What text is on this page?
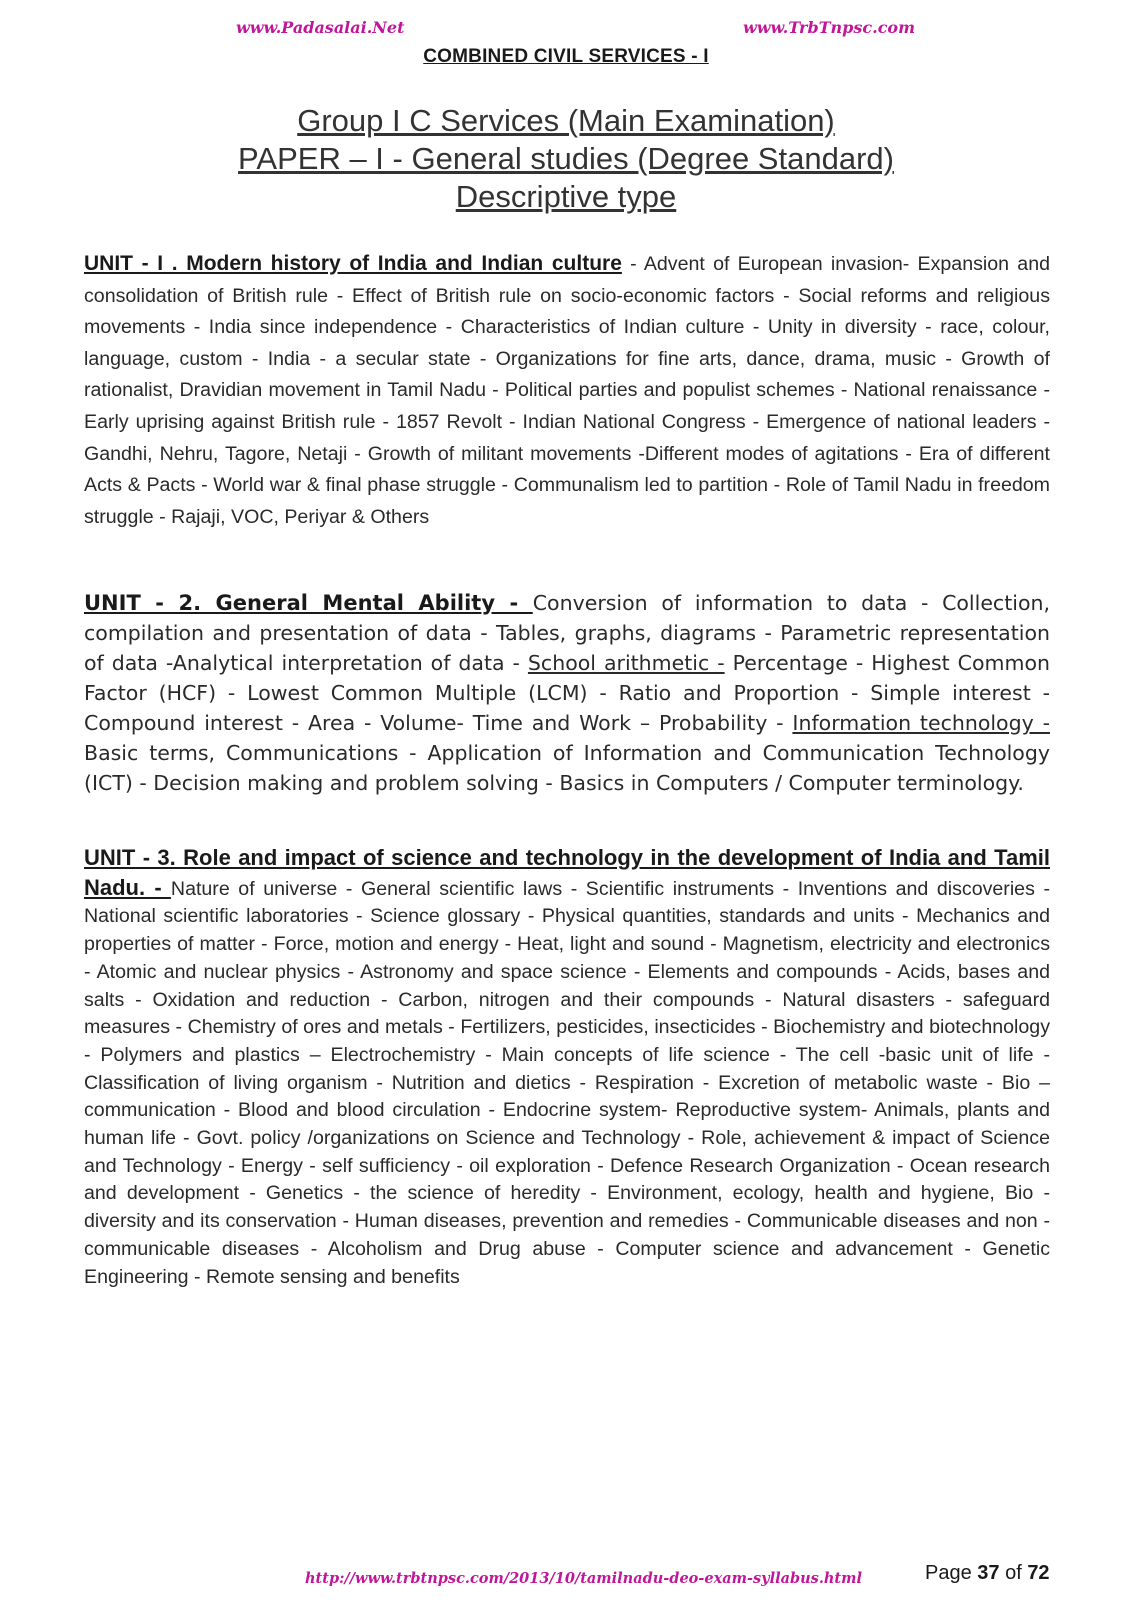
www.Padasalai.Net	www.TrbTnpsc.com
COMBINED CIVIL SERVICES - I
Group I C Services (Main Examination)
PAPER – I - General studies (Degree Standard)
Descriptive type
UNIT - I . Modern history of India and Indian culture - Advent of European invasion- Expansion and consolidation of British rule - Effect of British rule on socio-economic factors - Social reforms and religious movements - India since independence - Characteristics of Indian culture - Unity in diversity - race, colour, language, custom - India - a secular state - Organizations for fine arts, dance, drama, music - Growth of rationalist, Dravidian movement in Tamil Nadu - Political parties and populist schemes - National renaissance - Early uprising against British rule - 1857 Revolt - Indian National Congress - Emergence of national leaders - Gandhi, Nehru, Tagore, Netaji - Growth of militant movements -Different modes of agitations - Era of different Acts & Pacts - World war & final phase struggle - Communalism led to partition - Role of Tamil Nadu in freedom struggle - Rajaji, VOC, Periyar & Others
UNIT - 2. General Mental Ability - Conversion of information to data - Collection, compilation and presentation of data - Tables, graphs, diagrams - Parametric representation of data -Analytical interpretation of data - School arithmetic - Percentage - Highest Common Factor (HCF) - Lowest Common Multiple (LCM) - Ratio and Proportion - Simple interest - Compound interest - Area - Volume- Time and Work – Probability - Information technology - Basic terms, Communications - Application of Information and Communication Technology (ICT) - Decision making and problem solving - Basics in Computers / Computer terminology.
UNIT - 3. Role and impact of science and technology in the development of India and Tamil Nadu. - Nature of universe - General scientific laws - Scientific instruments - Inventions and discoveries - National scientific laboratories - Science glossary - Physical quantities, standards and units - Mechanics and properties of matter - Force, motion and energy - Heat, light and sound - Magnetism, electricity and electronics - Atomic and nuclear physics - Astronomy and space science - Elements and compounds - Acids, bases and salts - Oxidation and reduction - Carbon, nitrogen and their compounds - Natural disasters - safeguard measures - Chemistry of ores and metals - Fertilizers, pesticides, insecticides - Biochemistry and biotechnology - Polymers and plastics – Electrochemistry - Main concepts of life science - The cell -basic unit of life - Classification of living organism - Nutrition and dietics - Respiration - Excretion of metabolic waste - Bio – communication - Blood and blood circulation - Endocrine system- Reproductive system- Animals, plants and human life - Govt. policy /organizations on Science and Technology - Role, achievement & impact of Science and Technology - Energy - self sufficiency - oil exploration - Defence Research Organization - Ocean research and development - Genetics - the science of heredity - Environment, ecology, health and hygiene, Bio - diversity and its conservation - Human diseases, prevention and remedies - Communicable diseases and non - communicable diseases - Alcoholism and Drug abuse - Computer science and advancement - Genetic Engineering - Remote sensing and benefits
http://www.trbtnpsc.com/2013/10/tamilnadu-deo-exam-syllabus.html	Page 37 of 72
